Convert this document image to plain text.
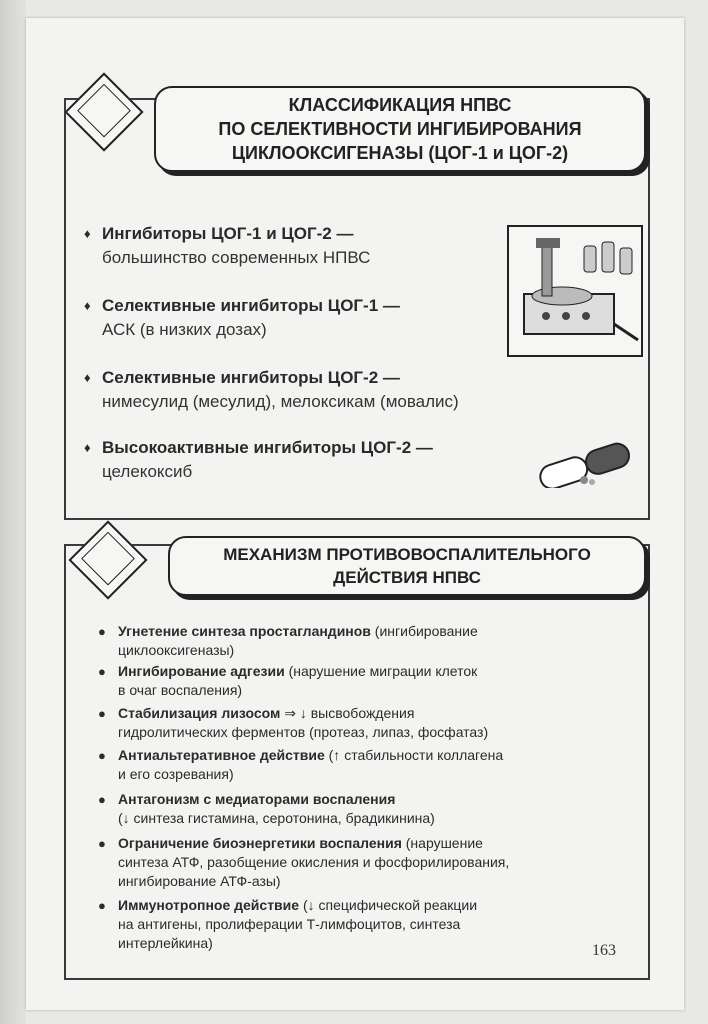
КЛАССИФИКАЦИЯ НПВС
ПО СЕЛЕКТИВНОСТИ ИНГИБИРОВАНИЯ
ЦИКЛООКСИГЕНАЗЫ (ЦОГ-1 и ЦОГ-2)
♦ Ингибиторы ЦОГ-1 и ЦОГ-2 —
большинство современных НПВС
♦ Селективные ингибиторы ЦОГ-1 —
АСК (в низких дозах)
♦ Селективные ингибиторы ЦОГ-2 —
нимесулид (месулид), мелоксикам (мовалис)
♦ Высокоактивные ингибиторы ЦОГ-2 —
целекоксиб
МЕХАНИЗМ ПРОТИВОВОСПАЛИТЕЛЬНОГО
ДЕЙСТВИЯ НПВС
● Угнетение синтеза простагландинов (ингибирование
циклооксигеназы)
● Ингибирование адгезии (нарушение миграции клеток
в очаг воспаления)
● Стабилизация лизосом ⇒ ↓ высвобождения
гидролитических ферментов (протеаз, липаз, фосфатаз)
● Антиальтеративное действие (↑ стабильности коллагена
и его созревания)
● Антагонизм с медиаторами воспаления
(↓ синтеза гистамина, серотонина, брадикинина)
● Ограничение биоэнергетики воспаления (нарушение
синтеза АТФ, разобщение окисления и фосфорилирования,
ингибирование АТФ-азы)
● Иммунотропное действие (↓ специфической реакции
на антигены, пролиферации Т-лимфоцитов, синтеза
интерлейкина)	163
